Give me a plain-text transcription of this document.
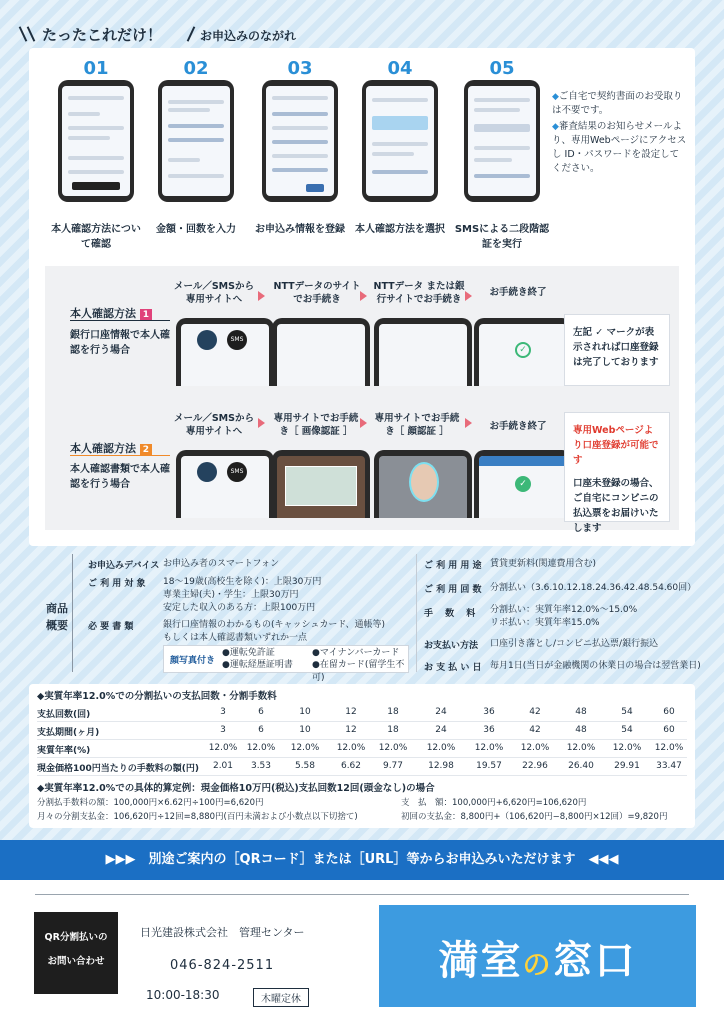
たったこれだけ！	お申込みのながれ
01	02	03	04	05
本人確認方法について確認
金額・回数を入力	お申込み情報を登録	本人確認方法を選択 SMSによる二段階認証を実行
◆ご自宅で契約書面のお受取りは不要です。
◆審査結果のお知らせメールより、専用Webページにアクセスし ID・パスワードを設定してください。
本人確認方法 1
銀行口座情報で本人確認を行う場合
メール／SMSから専用サイトへ
NTTデータのサイトでお手続き
NTTデータ または銀行サイトでお手続き
お手続き終了
SMS
✓
左記 ✓ マークが表示されれば口座登録は完了しております
本人確認方法 2
本人確認書類で本人確認を行う場合
メール／SMSから専用サイトへ
専用サイトでお手続き［ 画像認証 ］
専用サイトでお手続き［ 顔認証 ］	お手続き終了
SMS
✓
専用Webページより口座登録が可能です
口座未登録の場合、ご自宅にコンビニの払込票をお届けいたします
商品概要
お申込みデバイス お申込み者のスマートフォン
ご 利 用 対 象 18〜19歳(高校生を除く)：上限30万円
専業主婦(夫)・学生：上限30万円
安定した収入のある方：上限100万円
必 要 書 類	銀行口座情報のわかるもの(キャッシュカード、通帳等)
もしくは本人確認書類いずれか一点
顔写真付き
●運転免許証	●マイナンバーカード
●運転経歴証明書 ●在留カード(留学生不可)
ご 利 用 用 途 賃貸更新料(関連費用含む)
ご 利 用 回 数 分割払い（3.6.10.12.18.24.36.42.48.54.60回）
手　 数　 料 分割払い：実質年率12.0%〜15.0%
リボ払い：実質年率15.0%
お支払い方法 口座引き落とし/コンビニ払込票/銀行振込
お 支 払 い 日 毎月1日(当日が金融機関の休業日の場合は翌営業日)
◆実質年率12.0%での分割払いの支払回数・分割手数料
支払回数(回)	3	6	10	12	18	24	36	42	48	54	60
支払期間(ヶ月)	3	6	10	12	18	24	36	42	48	54	60
実質年率(%)	12.0%	12.0%	12.0%	12.0%	12.0%	12.0%	12.0%	12.0%	12.0%	12.0%	12.0%
現金価格100円当たりの手数料の額(円)	2.01	3.53	5.58	6.62	9.77	12.98	19.57	22.96	26.40	29.91	33.47
◆実質年率12.0%での具体的算定例：現金価格10万円(税込)支払回数12回(頭金なし)の場合
分割払手数料の額：100,000円×6.62円÷100円=6,620円
月々の分割支払金：106,620円÷12回=8,880円(百円未満および小数点以下切捨て)
支　払　額：100,000円+6,620円=106,620円
初回の支払金：8,800円+（106,620円−8,800円×12回）=9,820円
▶▶▶　別途ご案内の［QRコード］または［URL］等からお申込みいただけます　◀◀◀
QR分割払いの
お問い合わせ
日光建設株式会社　管理センター
046-824-2511
10:00-18:30	木曜定休
満室の窓口
